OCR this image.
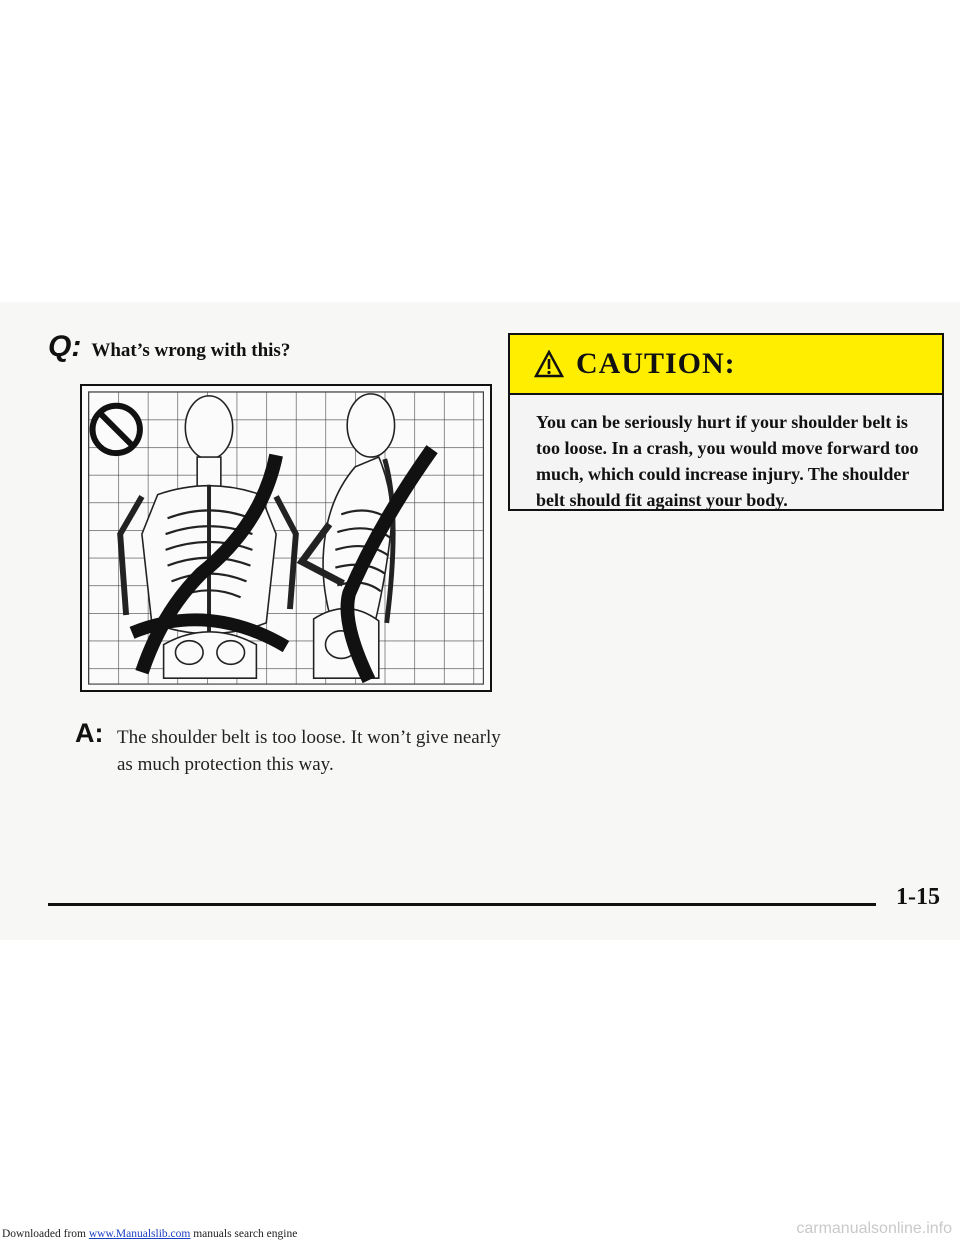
Q: What’s wrong with this?
A: The shoulder belt is too loose. It won’t give nearly as much protection this way.
CAUTION:
You can be seriously hurt if your shoulder belt is too loose. In a crash, you would move forward too much, which could increase injury. The shoulder belt should fit against your body.
1-15
Downloaded from www.Manualslib.com manuals search engine	carmanualsonline.info
